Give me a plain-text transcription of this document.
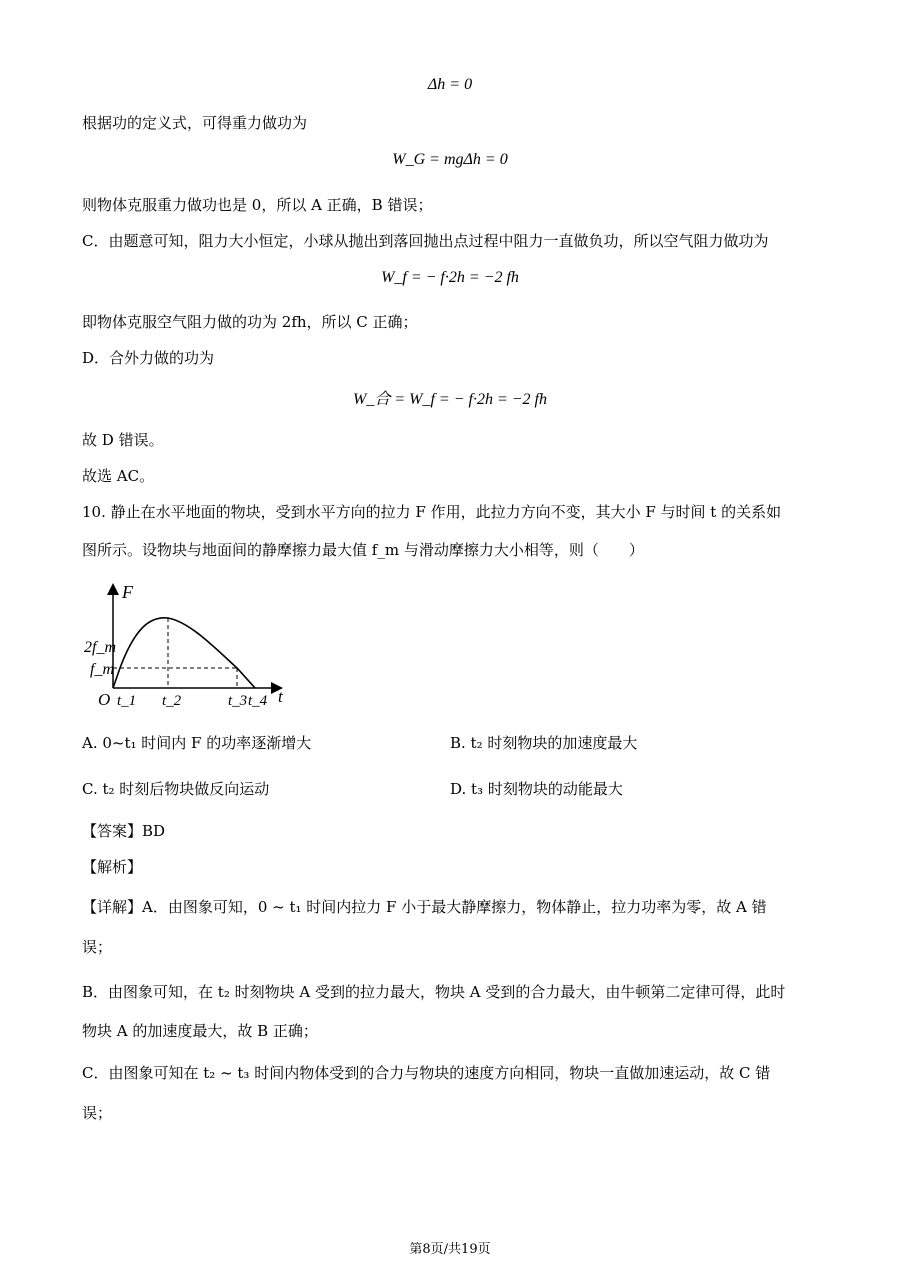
Δh = 0
根据功的定义式，可得重力做功为
W_G = mgΔh = 0
则物体克服重力做功也是 0，所以 A 正确，B 错误；
C．由题意可知，阻力大小恒定，小球从抛出到落回抛出点过程中阻力一直做负功，所以空气阻力做功为
W_f = − f·2h = −2 fh
即物体克服空气阻力做的功为 2fh，所以 C 正确；
D．合外力做的功为
W_合 = W_f = − f·2h = −2 fh
故 D 错误。
故选 AC。
10. 静止在水平地面的物块，受到水平方向的拉力 F 作用，此拉力方向不变，其大小 F 与时间 t 的关系如
图所示。设物块与地面间的静摩擦力最大值 f_m 与滑动摩擦力大小相等，则（　　）
F
t
O
2f_m
f_m
t_1 t_2	t_3 t_4
A. 0~t₁ 时间内 F 的功率逐渐增大	B. t₂ 时刻物块的加速度最大
C. t₂ 时刻后物块做反向运动	D. t₃ 时刻物块的动能最大
【答案】BD
【解析】
【详解】A．由图象可知，0 ~ t₁ 时间内拉力 F 小于最大静摩擦力，物体静止，拉力功率为零，故 A 错
误；
B．由图象可知，在 t₂ 时刻物块 A 受到的拉力最大，物块 A 受到的合力最大，由牛顿第二定律可得，此时
物块 A 的加速度最大，故 B 正确；
C．由图象可知在 t₂ ~ t₃ 时间内物体受到的合力与物块的速度方向相同，物块一直做加速运动，故 C 错
误；
第8页/共19页
